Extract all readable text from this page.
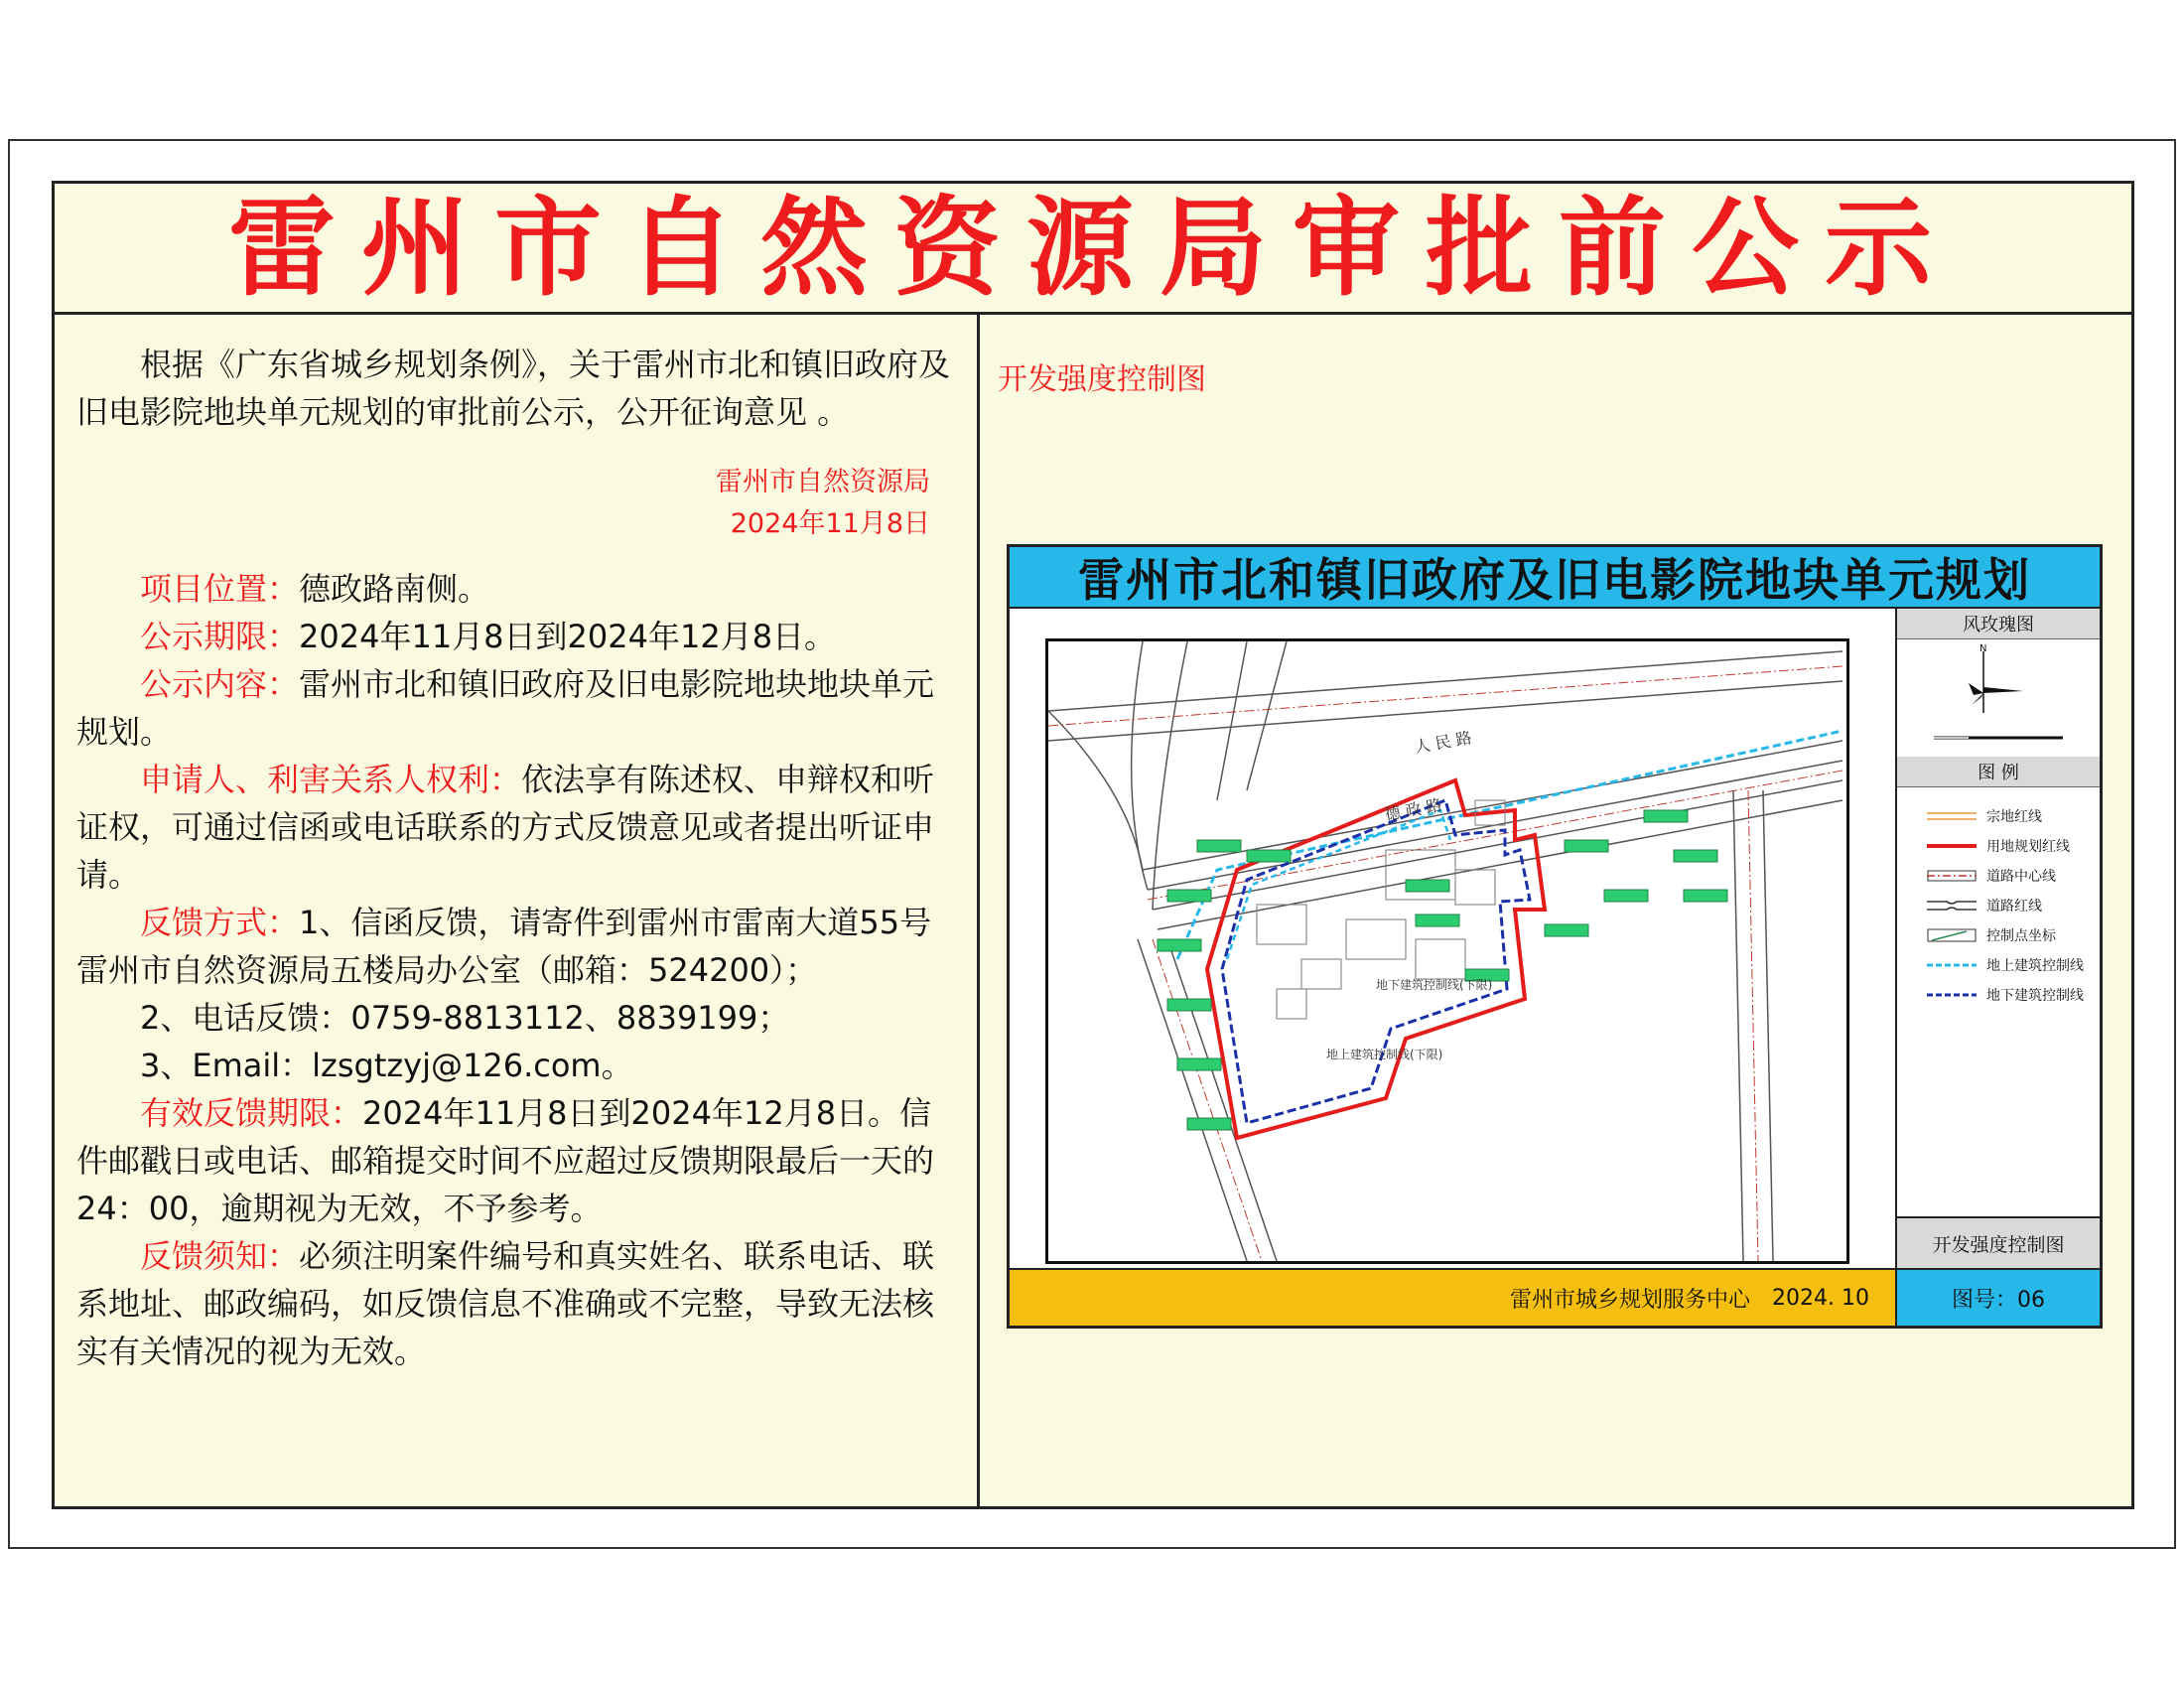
雷州市自然资源局审批前公示

根据《广东省城乡规划条例》，关于雷州市北和镇旧政府及旧电影院地块单元规划的审批前公示，公开征询意见 。

雷州市自然资源局
2024年11月8日

项目位置：德政路南侧。

公示期限：2024年11月8日到2024年12月8日。

公示内容：雷州市北和镇旧政府及旧电影院地块地块单元规划。

申请人、利害关系人权利：依法享有陈述权、申辩权和听证权，可通过信函或电话联系的方式反馈意见或者提出听证申请。

反馈方式：1、信函反馈，请寄件到雷州市雷南大道55号雷州市自然资源局五楼局办公室（邮箱：524200）；

2、电话反馈：0759-8813112、8839199；

3、Email：lzsgtzyj@126.com。

有效反馈期限：2024年11月8日到2024年12月8日。信件邮戳日或电话、邮箱提交时间不应超过反馈期限最后一天的24：00，逾期视为无效，不予参考。

反馈须知：必须注明案件编号和真实姓名、联系电话、联系地址、邮政编码，如反馈信息不准确或不完整，导致无法核实有关情况的视为无效。

开发强度控制图
雷州市北和镇旧政府及旧电影院地块单元规划
人 民 路
德 政 路
地下建筑控制线(下限)
地上建筑控制线(下限)
风玫瑰图
N
图 例
宗地红线
用地规划红线
道路中心线
道路红线
控制点坐标
地上建筑控制线
地下建筑控制线
开发强度控制图
雷州市城乡规划服务中心 2024. 10	图号：06
